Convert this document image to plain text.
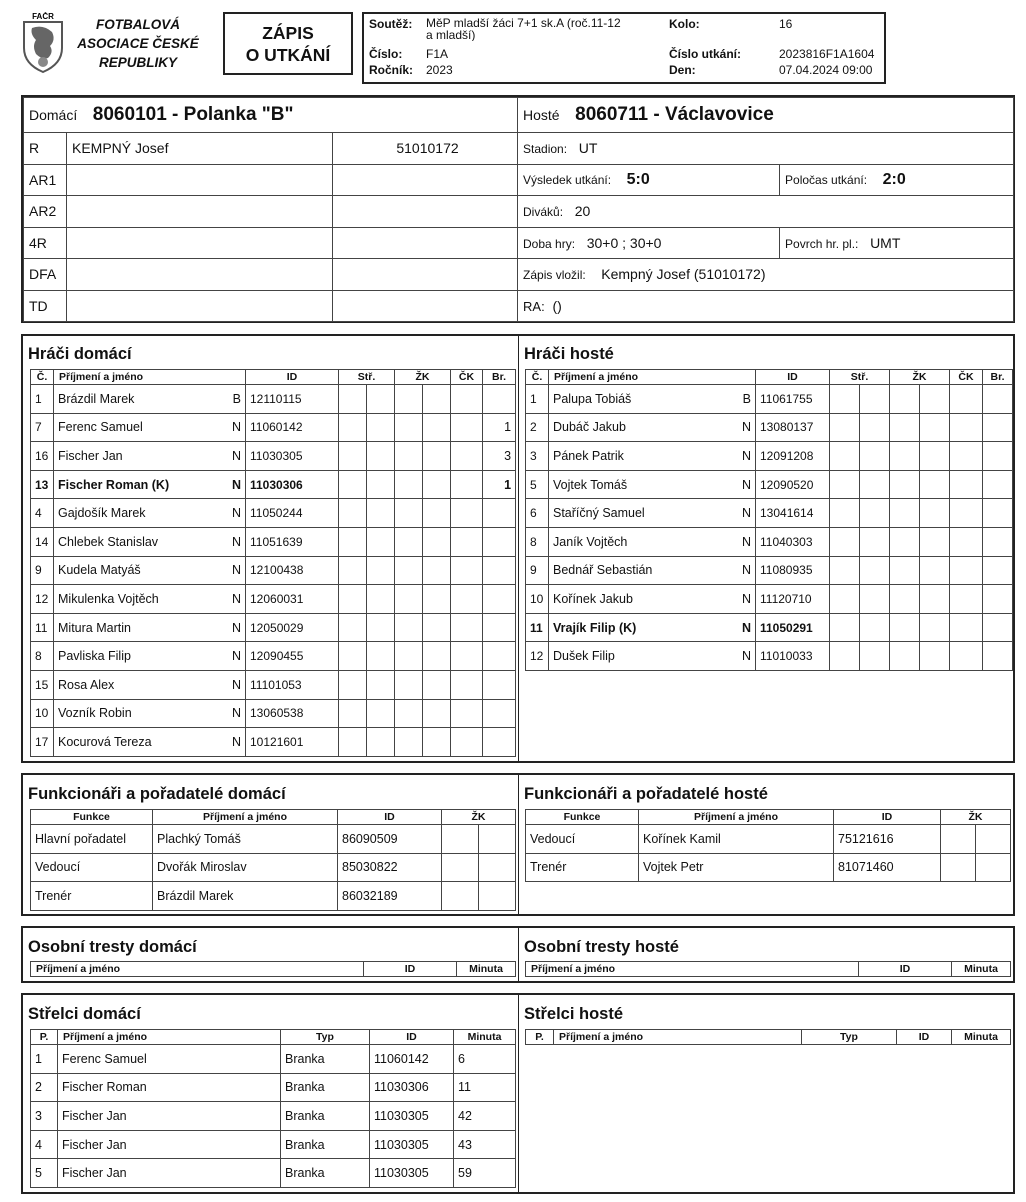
FAČR
FOTBALOVÁ
ASOCIACE ČESKÉ
REPUBLIKY
ZÁPIS
O UTKÁNÍ
Soutěž:	MěP mladší žáci 7+1 sk.A (roč.11-12
a mladší)	Kolo:	16

Číslo:	F1A	Číslo utkání:	2023816F1A1604
Ročník:	2023	Den:	07.04.2024 09:00
Domácí 8060101 - Polanka "B"			Hosté 8060711 - Václavovice	
R	KEMPNÝ Josef	51010172	Stadion: UT	
AR1			Výsledek utkání: 5:0	Poločas utkání: 2:0
AR2			Diváků: 20	
4R			Doba hry: 30+0 ; 30+0	Povrch hr. pl.: UMT
DFA			Zápis vložil: Kempný Josef (51010172)	
TD			RA: ()	
Hráči domácí	Hráči hosté
Č.	Příjmení a jméno	ID	Stř.		ŽK		ČK	Br.
1	Brázdil Marek B	12110115						
7	Ferenc Samuel N	11060142						1
16	Fischer Jan N	11030305						3
13	Fischer Roman (K) N	11030306						1
4	Gajdošík Marek N	11050244						
14	Chlebek Stanislav N	11051639						
9	Kudela Matyáš N	12100438						
12	Mikulenka Vojtěch N	12060031						
11	Mitura Martin N	12050029						
8	Pavliska Filip N	12090455						
15	Rosa Alex N	11101053						
10	Vozník Robin N	13060538						
17	Kocurová Tereza N	10121601						
Č.	Příjmení a jméno	ID	Stř.		ŽK		ČK	Br.
1	Palupa Tobiáš B	11061755						
2	Dubáč Jakub N	13080137						
3	Pánek Patrik N	12091208						
5	Vojtek Tomáš N	12090520						
6	Staříčný Samuel N	13041614						
8	Janík Vojtěch N	11040303						
9	Bednář Sebastián N	11080935						
10	Kořínek Jakub N	11120710						
11	Vrajík Filip (K) N	11050291						
12	Dušek Filip N	11010033						
Funkcionáři a pořadatelé domácí	Funkcionáři a pořadatelé hosté
Funkce	Příjmení a jméno	ID	ŽK	
Hlavní pořadatel	Plachký Tomáš	86090509		
Vedoucí	Dvořák Miroslav	85030822		
Trenér	Brázdil Marek	86032189		
Funkce	Příjmení a jméno	ID	ŽK	
Vedoucí	Kořínek Kamil	75121616		
Trenér	Vojtek Petr	81071460		
Osobní tresty domácí	Osobní tresty hosté
Příjmení a jméno	ID	Minuta	Příjmení a jméno	ID	Minuta
Střelci domácí	Střelci hosté
P.	Příjmení a jméno	Typ	ID	Minuta
1	Ferenc Samuel	Branka	11060142	6
2	Fischer Roman	Branka	11030306	11
3	Fischer Jan	Branka	11030305	42
4	Fischer Jan	Branka	11030305	43
5	Fischer Jan	Branka	11030305	59
P.	Příjmení a jméno	Typ	ID	Minuta
